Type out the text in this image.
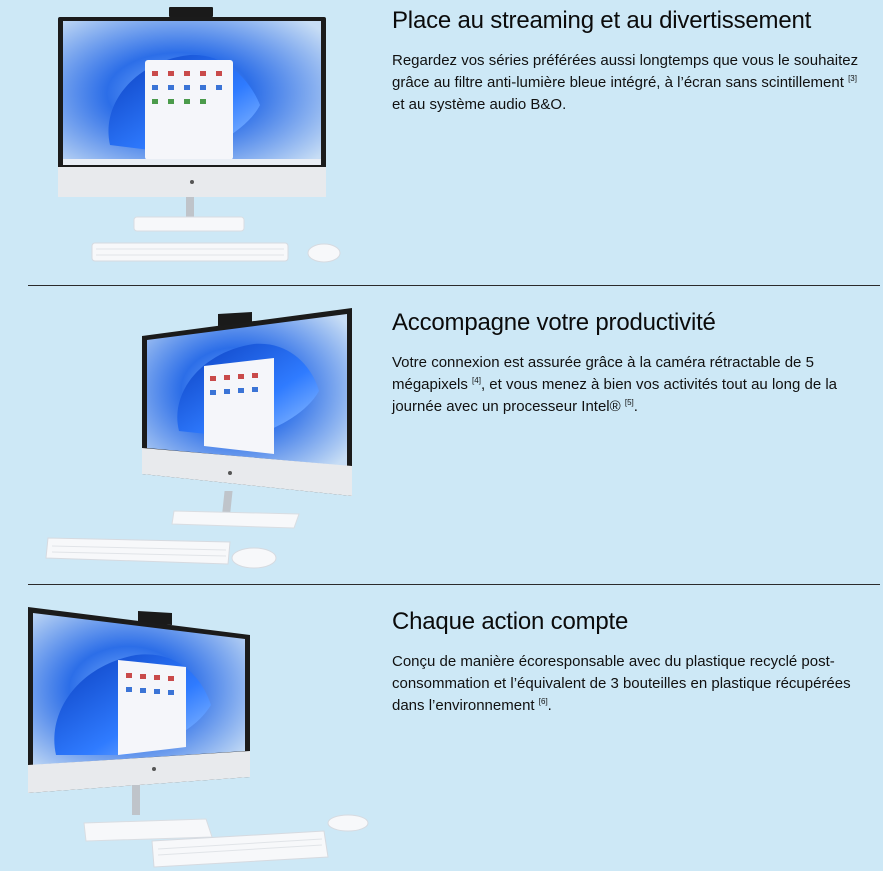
Place au streaming et au divertissement

Regardez vos séries préférées aussi longtemps que vous le souhaitez grâce au filtre anti-lumière bleue intégré, à l’écran sans scintillement [3] et au système audio B&O.

Accompagne votre productivité

Votre connexion est assurée grâce à la caméra rétractable de 5 mégapixels [4], et vous menez à bien vos activités tout au long de la journée avec un processeur Intel® [5].

Chaque action compte

Conçu de manière écoresponsable avec du plastique recyclé post-consommation et l’équivalent de 3 bouteilles en plastique récupérées dans l’environnement [6].
